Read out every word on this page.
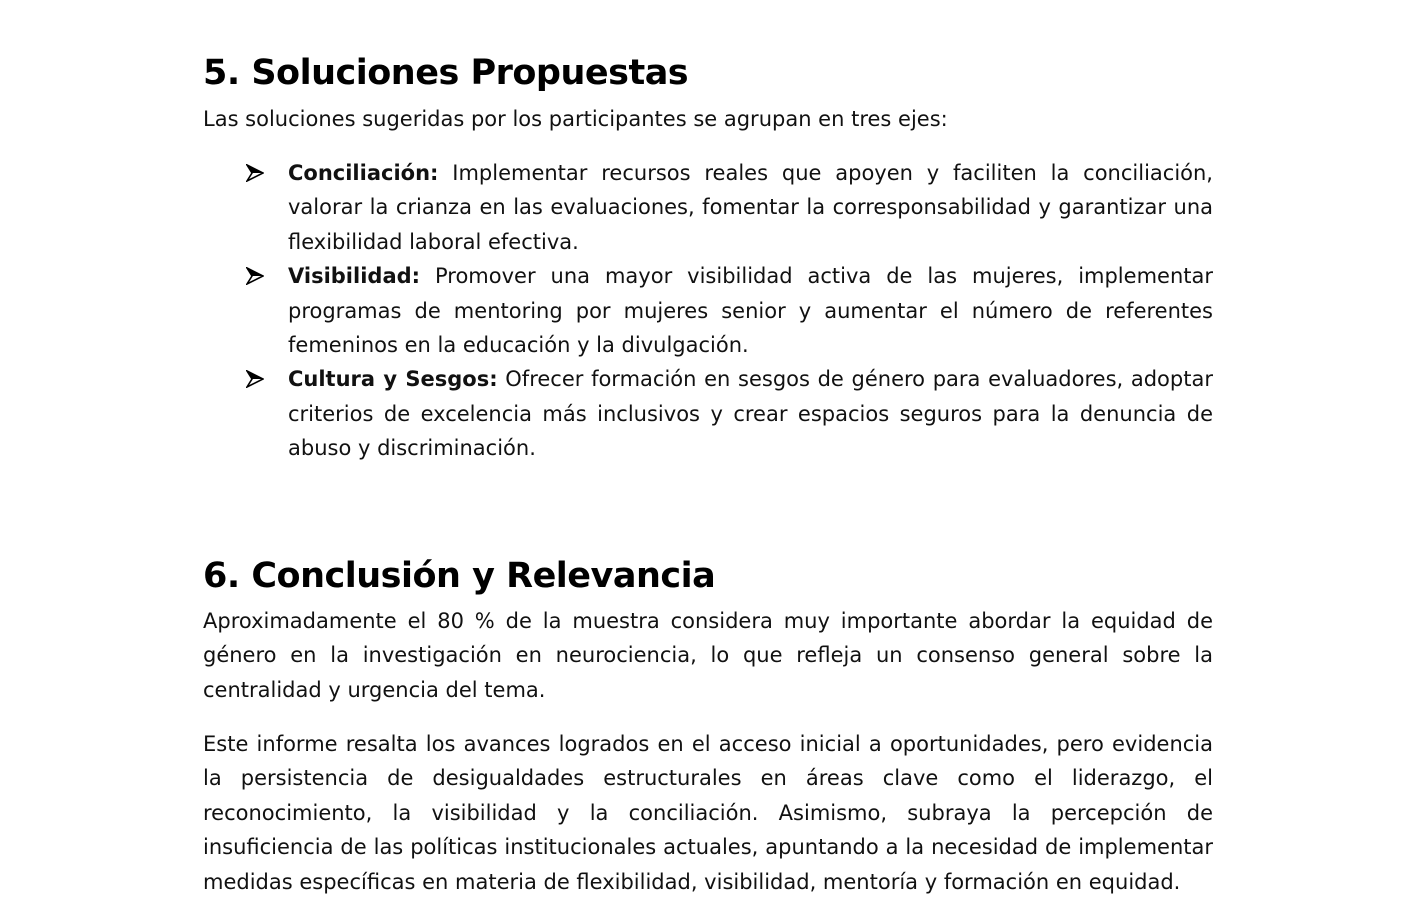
5. Soluciones Propuestas

Las soluciones sugeridas por los participantes se agrupan en tres ejes:

Conciliación: Implementar recursos reales que apoyen y faciliten la conciliación, valorar la crianza en las evaluaciones, fomentar la corresponsabilidad y garantizar una flexibilidad laboral efectiva.
Visibilidad: Promover una mayor visibilidad activa de las mujeres, implementar programas de mentoring por mujeres senior y aumentar el número de referentes femeninos en la educación y la divulgación.
Cultura y Sesgos: Ofrecer formación en sesgos de género para evaluadores, adoptar criterios de excelencia más inclusivos y crear espacios seguros para la denuncia de abuso y discriminación.
6. Conclusión y Relevancia

Aproximadamente el 80 % de la muestra considera muy importante abordar la equidad de género en la investigación en neurociencia, lo que refleja un consenso general sobre la centralidad y urgencia del tema.

Este informe resalta los avances logrados en el acceso inicial a oportunidades, pero evidencia la persistencia de desigualdades estructurales en áreas clave como el liderazgo, el reconocimiento, la visibilidad y la conciliación. Asimismo, subraya la percepción de insuficiencia de las políticas institucionales actuales, apuntando a la necesidad de implementar medidas específicas en materia de flexibilidad, visibilidad, mentoría y formación en equidad.
